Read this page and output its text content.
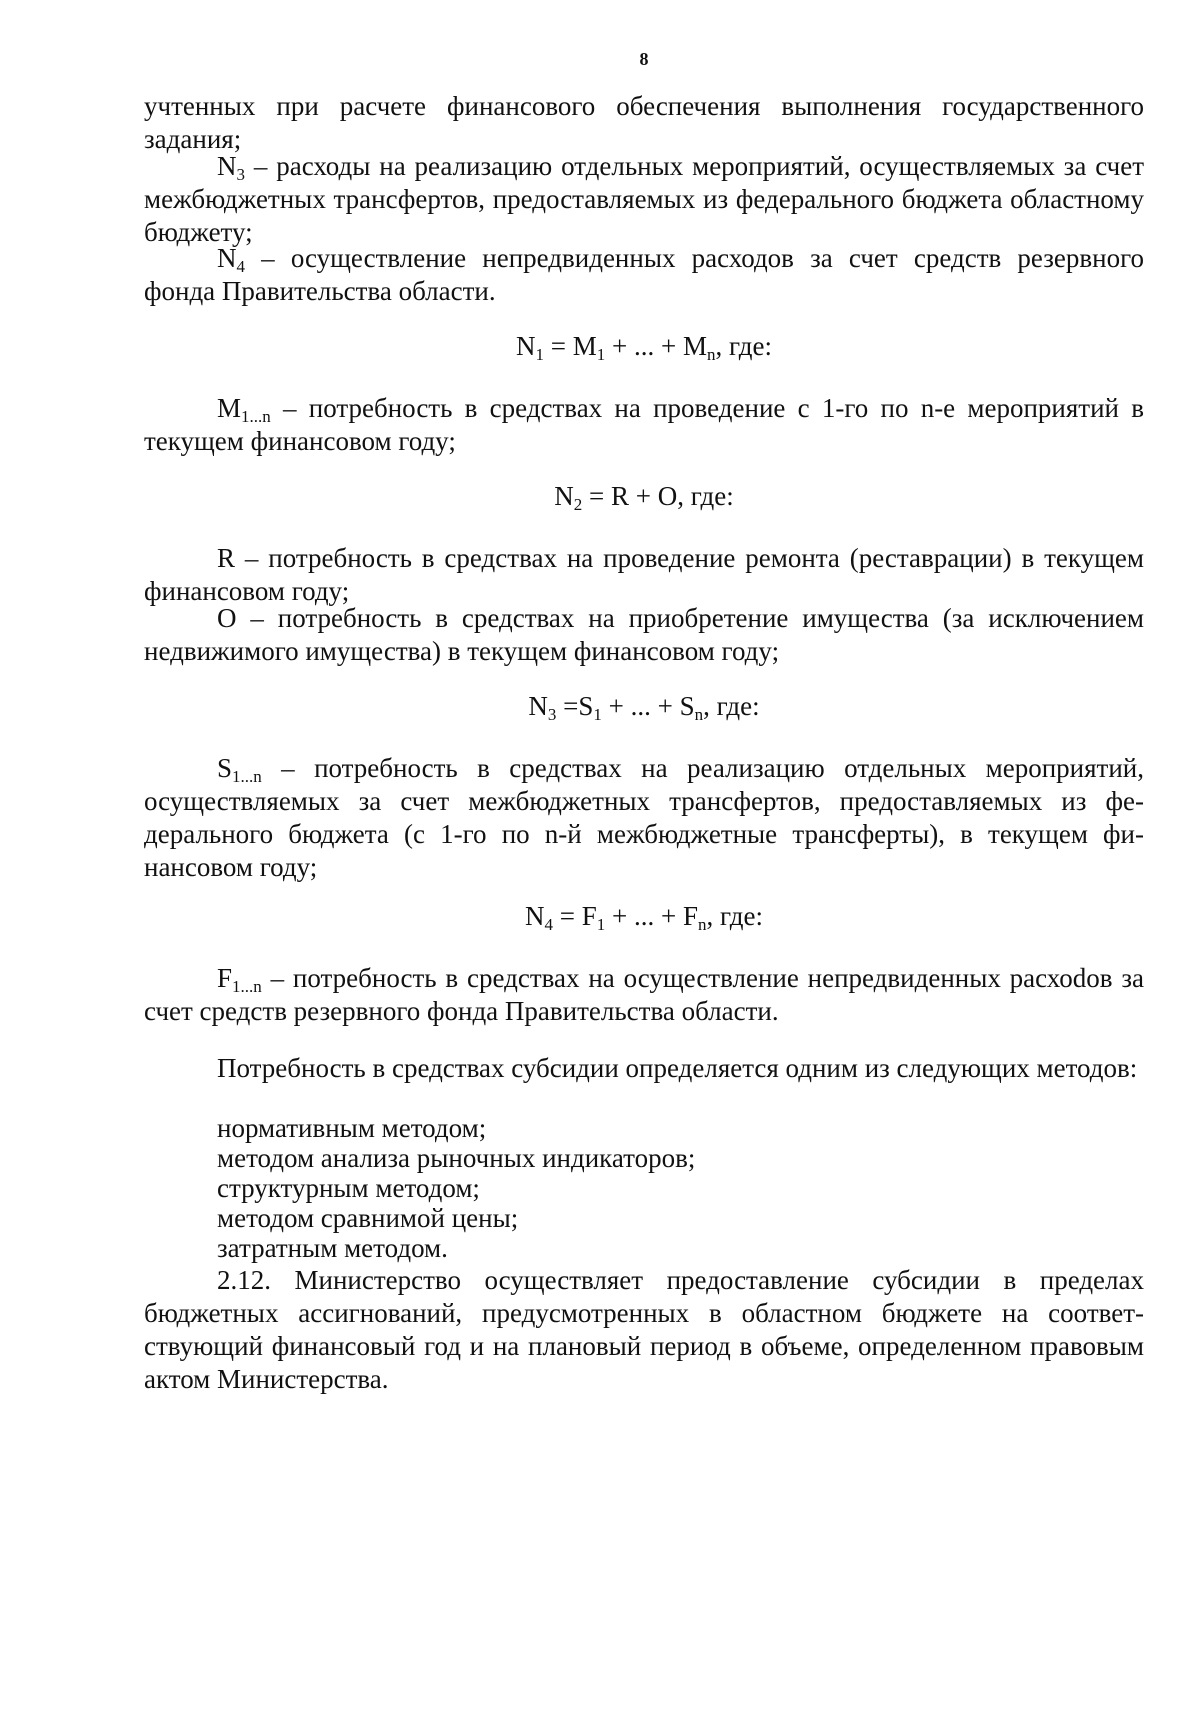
8
учтенных при расчете финансового обеспечения выполнения государственного задания;
$N_3$ – расходы на реализацию отдельных мероприятий, осуществляемых за счет межбюджетных трансфертов, предоставляемых из федерального бюджета областному бюджету;
$N_4$ – осуществление непредвиденных расходов за счет средств резервного фонда Правительства области.
$N_1 = M_1$ + ... + $M_n$, где:
$M_{1...n}$ – потребность в средствах на проведение с 1-го по n-е мероприятий в текущем финансовом году;
$N_2 = R + O$, где:
R – потребность в средствах на проведение ремонта (реставрации) в текущем финансовом году;
O – потребность в средствах на приобретение имущества (за исключением недвижимого имущества) в текущем финансовом году;
$N_3 =S_1$ + ... + $S_n$, где:
$S_{1...n}$ – потребность в средствах на реализацию отдельных мероприятий, осуществляемых за счет межбюджетных трансфертов, предоставляемых из федерального бюджета (с 1-го по n-й межбюджетные трансферты), в текущем финансовом году;
$N_4 = F_1$ + ... + $F_n$, где:
$F_{1...n}$ – потребность в средствах на осуществление непредвиденных расхоdов за счет средств резервного фонда Правительства области.
Потребность в средствах субсидии определяется одним из следующих методов:
нормативным методом;
методом анализа рыночных индикаторов;
структурным методом;
методом сравнимой цены;
затратным методом.
2.12. Министерство осуществляет предоставление субсидии в пределах бюджетных ассигнований, предусмотренных в областном бюджете на соответствующий финансовый год и на плановый период в объеме, определенном правовым актом Министерства.
